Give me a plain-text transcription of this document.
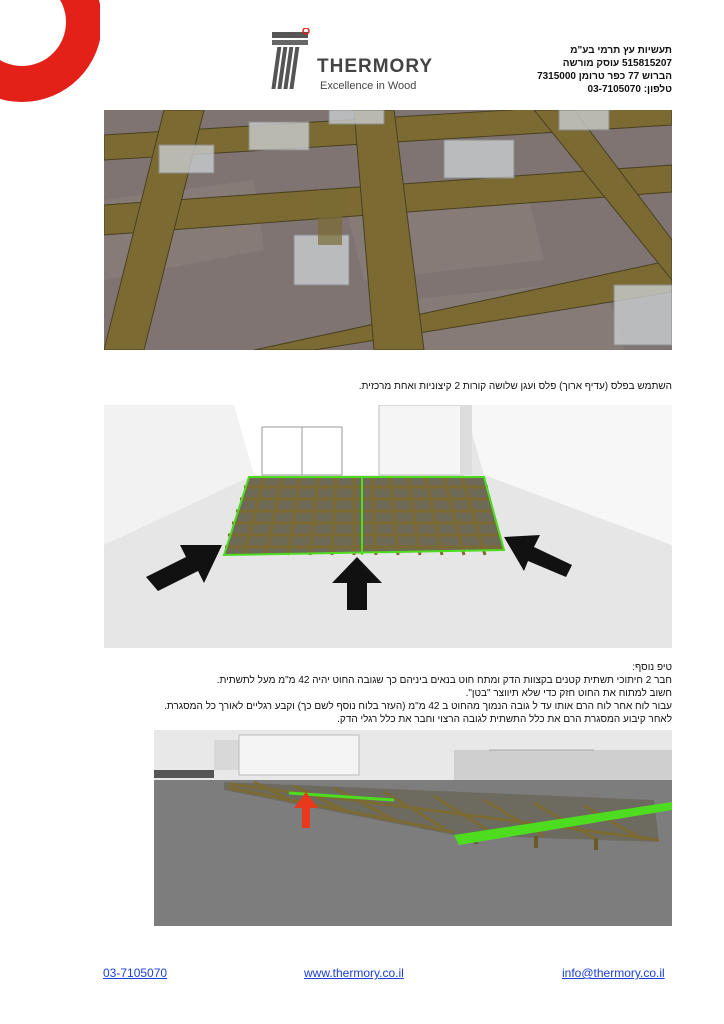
THERMORY
Excellence in Wood
תעשיות עץ תרמי בע"מ
515815207 עוסק מורשה
הברוש 77 כפר טרומן 7315000
טלפון: 03-7105070
השתמש בפלס (עדיף ארוך) פלס ועגן שלושה קורות 2 קיצוניות ואחת מרכזית.
טיפ נוסף:
חבר 2 חיתוכי תשתית קטנים בקצוות הדק ומתח חוט בנאים ביניהם כך שגובה החוט יהיה 42 מ"מ מעל לתשתית.
חשוב למתוח את החוט חזק כדי שלא תיווצר "בטן".
עבור לוח אחר לוח הרם אותו עד ל גובה הנמוך מהחוט ב 42 מ"מ (העזר בלוח נוסף לשם כך) וקבע רגליים לאורך כל המסגרת.
לאחר קיבוע המסגרת הרם את כלל התשתית לגובה הרצוי וחבר את כלל רגלי הדק.
03-7105070	www.thermory.co.il	info@thermory.co.il
